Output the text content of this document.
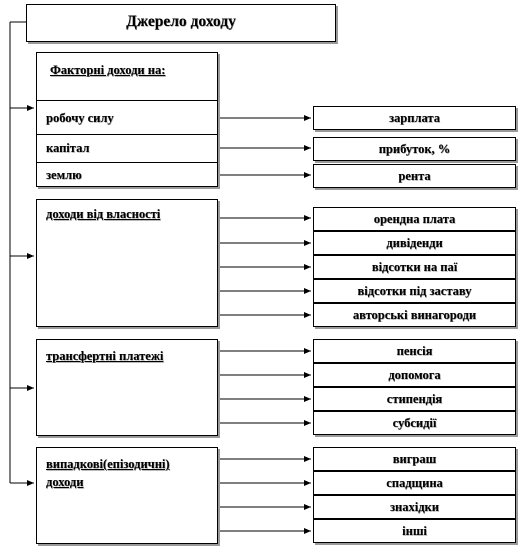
Джерело доходу
Факторні доходи на:
робочу силу
капітал
землю
зарплата
прибуток, %
рента
доходи від власності	орендна плата
дивіденди
відсотки на паї
відсотки під заставу
авторські винагороди
трансфертні платежі	пенсія
допомога
стипендія
субсидії
випадкові(епізодичні)
доходи
виграш
спадщина
знахідки
інші
